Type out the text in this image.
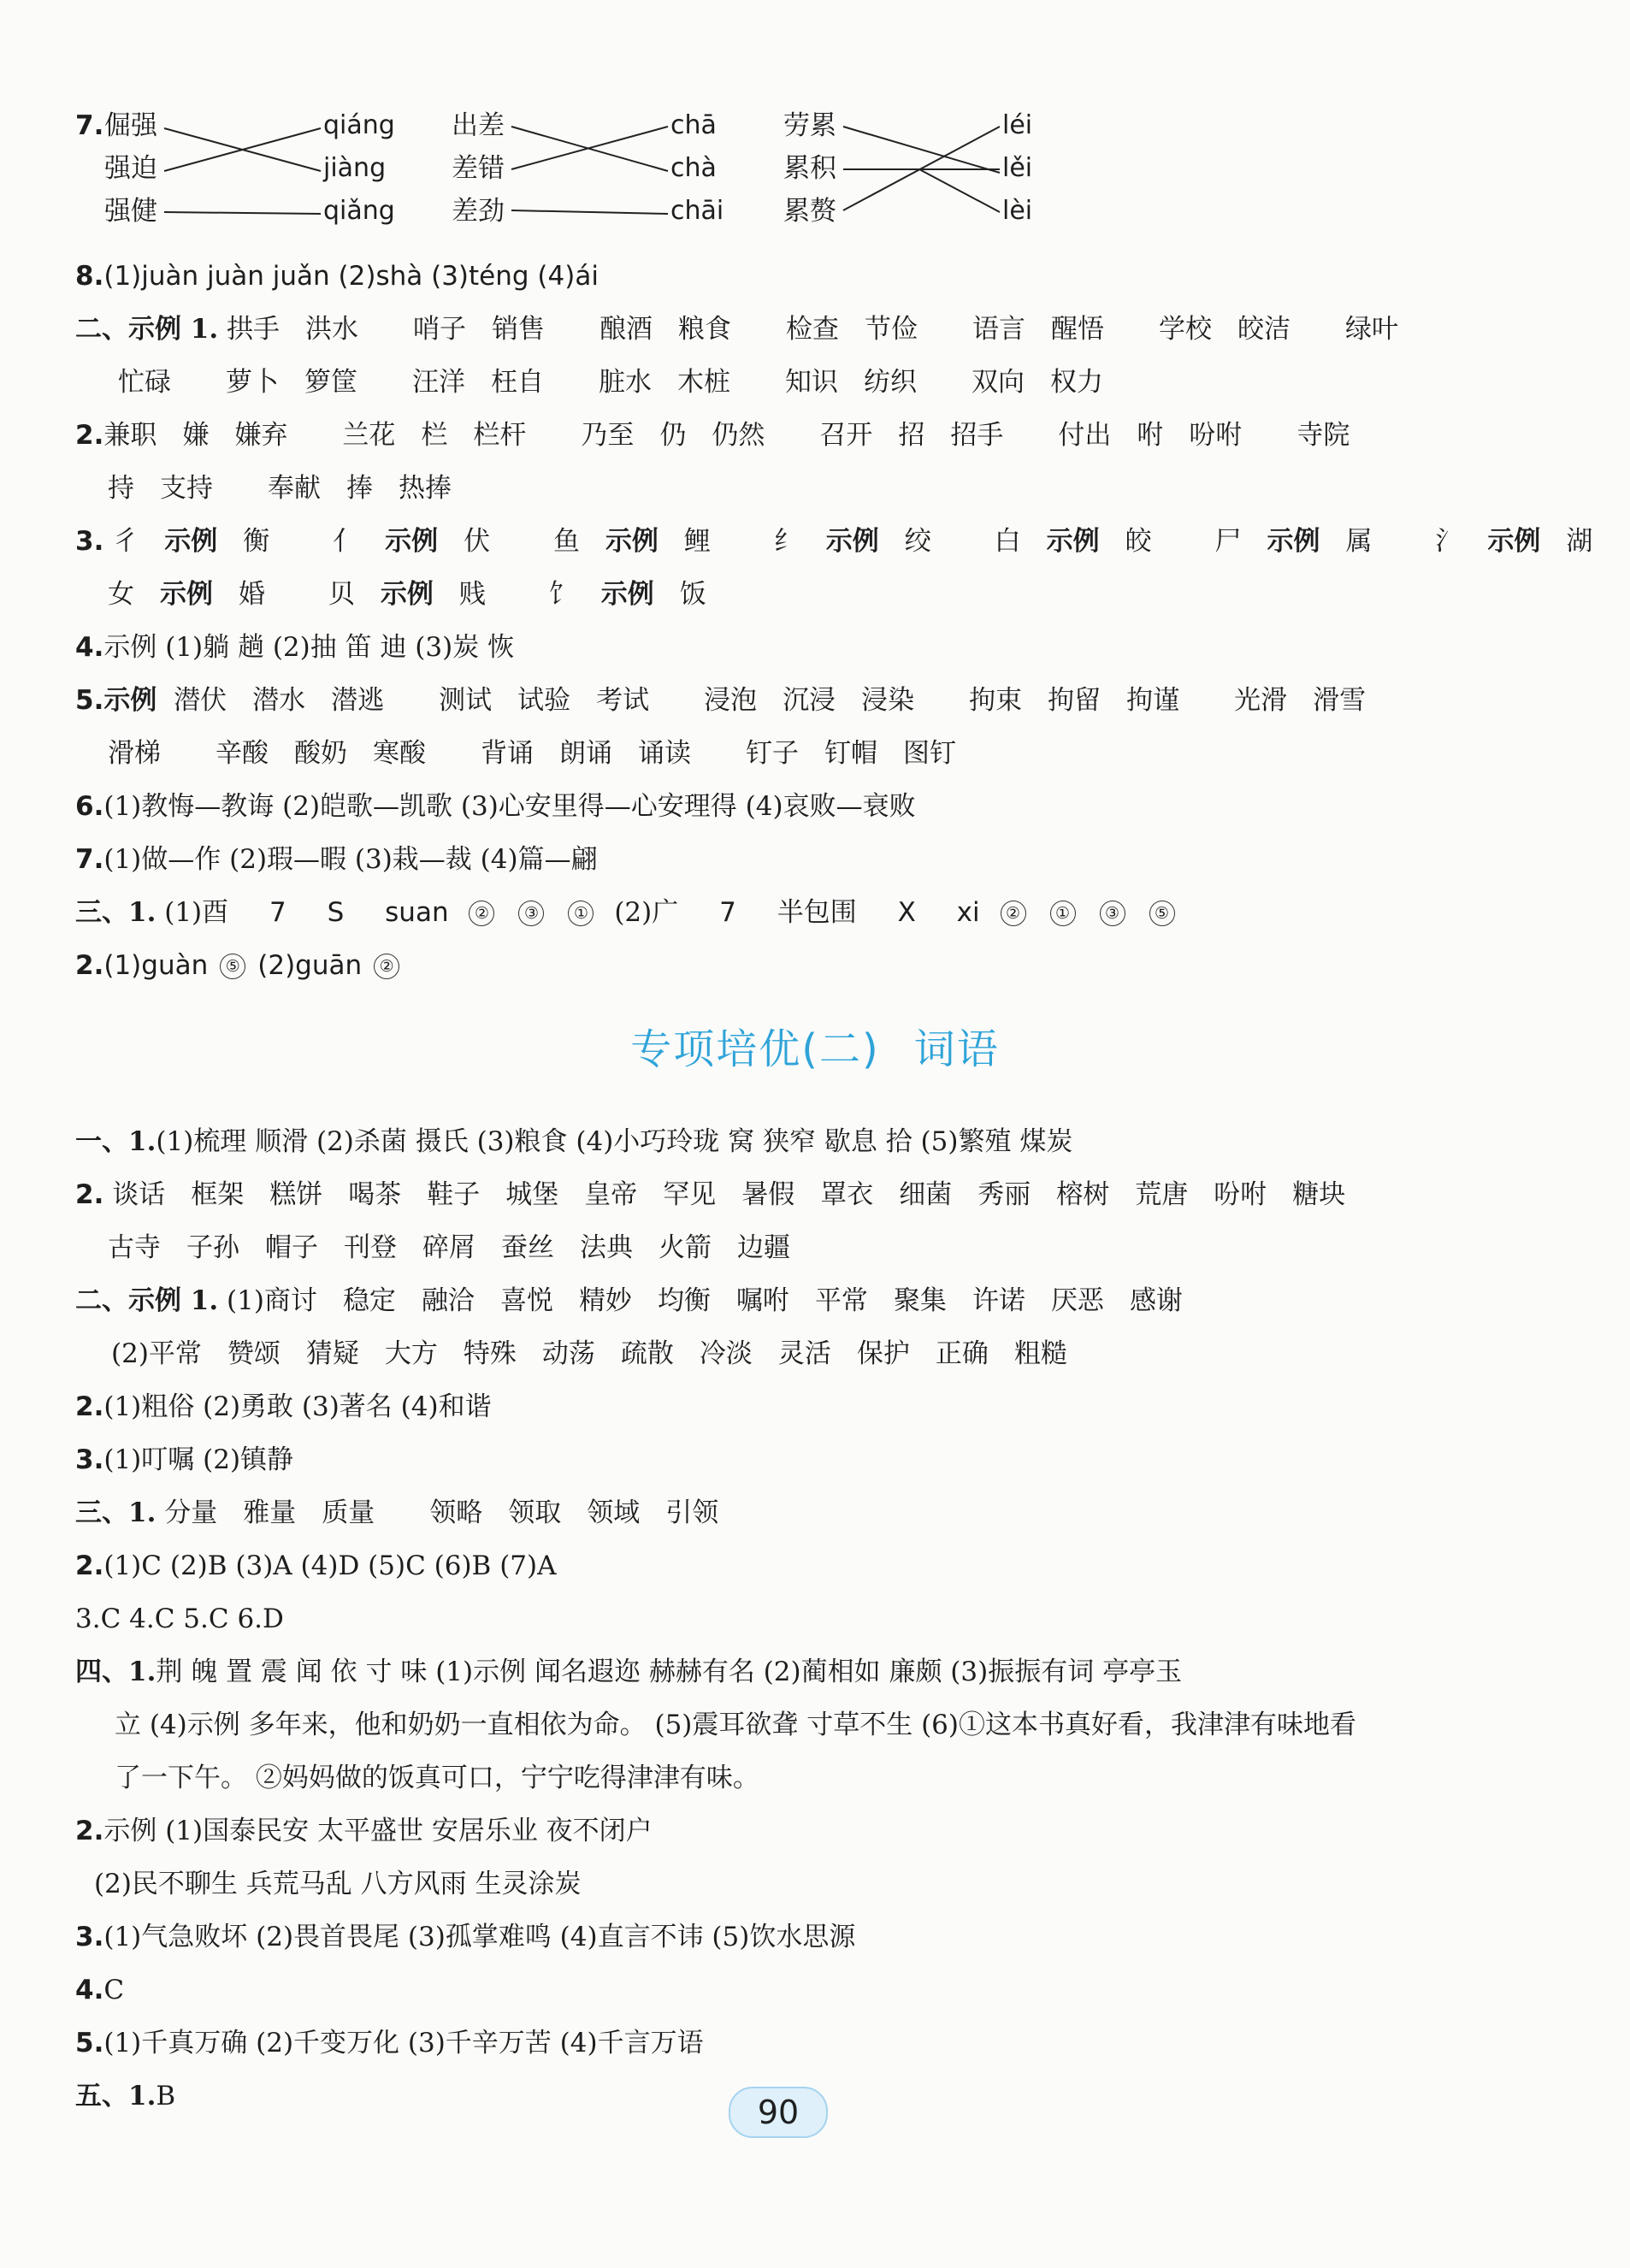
7. 倔强
强迫
强健
qiáng
jiàng
qiǎng
出差
差错
差劲
chā
chà
chāi
劳累
累积
累赘
léi
lěi
lèi
8.(1)juàn juàn juǎn (2)shà (3)téng (4)ái
二、示例 1. 拱手 洪水 哨子 销售 酿酒 粮食 检查 节俭 语言 醒悟 学校 皎洁 绿叶
忙碌 萝卜 箩筐 汪洋 枉自 脏水 木桩 知识 纺织 双向 权力
2.兼职 嫌 嫌弃 兰花 栏 栏杆 乃至 仍 仍然 召开 招 招手 付出 咐 吩咐 寺院
持 支持 奉献 捧 热捧
3. 彳 示例 衡 亻 示例 伏 鱼 示例 鲤 纟 示例 绞 白 示例 皎 尸 示例 属 氵 示例 湖
女 示例 婚 贝 示例 贱 饣 示例 饭
4.示例 (1)躺 趟 (2)抽 笛 迪 (3)炭 恢
5.示例 潜伏 潜水 潜逃 测试 试验 考试 浸泡 沉浸 浸染 拘束 拘留 拘谨 光滑 滑雪
滑梯 辛酸 酸奶 寒酸 背诵 朗诵 诵读 钉子 钉帽 图钉
6.(1)教悔—教诲 (2)皑歌—凯歌 (3)心安里得—心安理得 (4)哀败—衰败
7.(1)做—作 (2)瑕—暇 (3)栽—裁 (4)篇—翩
三、1. (1)酉 7 S suan ② ③ ① (2)广 7 半包围 X xi ② ① ③ ⑤
2.(1)guàn ⑤ (2)guān ②
专项培优(二) 词语
一、1.(1)梳理 顺滑 (2)杀菌 摄氏 (3)粮食 (4)小巧玲珑 窝 狭窄 歇息 拾 (5)繁殖 煤炭
2. 谈话 框架 糕饼 喝茶 鞋子 城堡 皇帝 罕见 暑假 罩衣 细菌 秀丽 榕树 荒唐 吩咐 糖块
古寺 子孙 帽子 刊登 碎屑 蚕丝 法典 火箭 边疆
二、示例 1. (1)商讨 稳定 融洽 喜悦 精妙 均衡 嘱咐 平常 聚集 许诺 厌恶 感谢
(2)平常 赞颂 猜疑 大方 特殊 动荡 疏散 冷淡 灵活 保护 正确 粗糙
2.(1)粗俗 (2)勇敢 (3)著名 (4)和谐
3.(1)叮嘱 (2)镇静
三、1. 分量 雅量 质量 领略 领取 领域 引领
2.(1)C (2)B (3)A (4)D (5)C (6)B (7)A
3.C 4.C 5.C 6.D
四、1.荆 魄 置 震 闻 依 寸 味 (1)示例 闻名遐迩 赫赫有名 (2)蔺相如 廉颇 (3)振振有词 亭亭玉
立 (4)示例 多年来，他和奶奶一直相依为命。 (5)震耳欲聋 寸草不生 (6)①这本书真好看，我津津有味地看
了一下午。 ②妈妈做的饭真可口，宁宁吃得津津有味。
2.示例 (1)国泰民安 太平盛世 安居乐业 夜不闭户
(2)民不聊生 兵荒马乱 八方风雨 生灵涂炭
3.(1)气急败坏 (2)畏首畏尾 (3)孤掌难鸣 (4)直言不讳 (5)饮水思源
4.C
5.(1)千真万确 (2)千变万化 (3)千辛万苦 (4)千言万语
五、1.B	90
